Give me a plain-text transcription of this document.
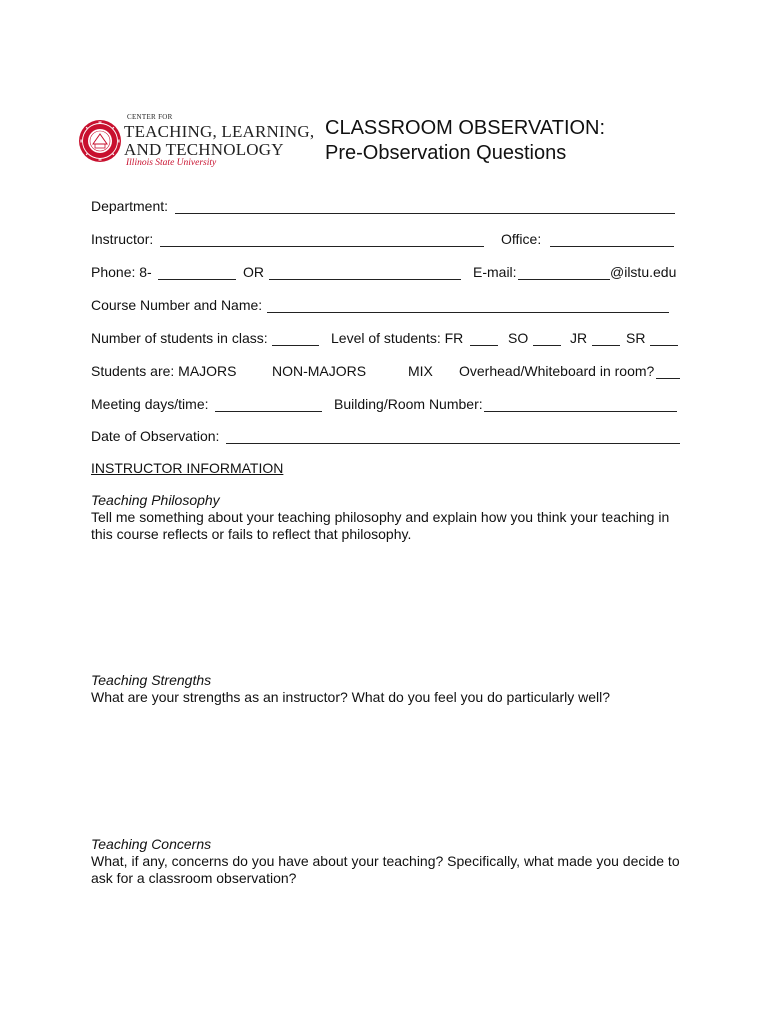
CENTER FOR
TEACHING, LEARNING,
AND TECHNOLOGY
Illinois State University
CLASSROOM OBSERVATION:
Pre-Observation Questions
Department:
Instructor:	Office:
Phone: 8-	OR	E-mail:	@ilstu.edu
Course Number and Name:
Number of students in class:	Level of students: FR	SO	JR	SR
Students are: MAJORS	NON-MAJORS	MIX Overhead/Whiteboard in room?
Meeting days/time:	Building/Room Number:
Date of Observation:
INSTRUCTOR INFORMATION
Teaching Philosophy
Tell me something about your teaching philosophy and explain how you think your teaching in this course reflects or fails to reflect that philosophy.
Teaching Strengths
What are your strengths as an instructor? What do you feel you do particularly well?
Teaching Concerns
What, if any, concerns do you have about your teaching? Specifically, what made you decide to ask for a classroom observation?
